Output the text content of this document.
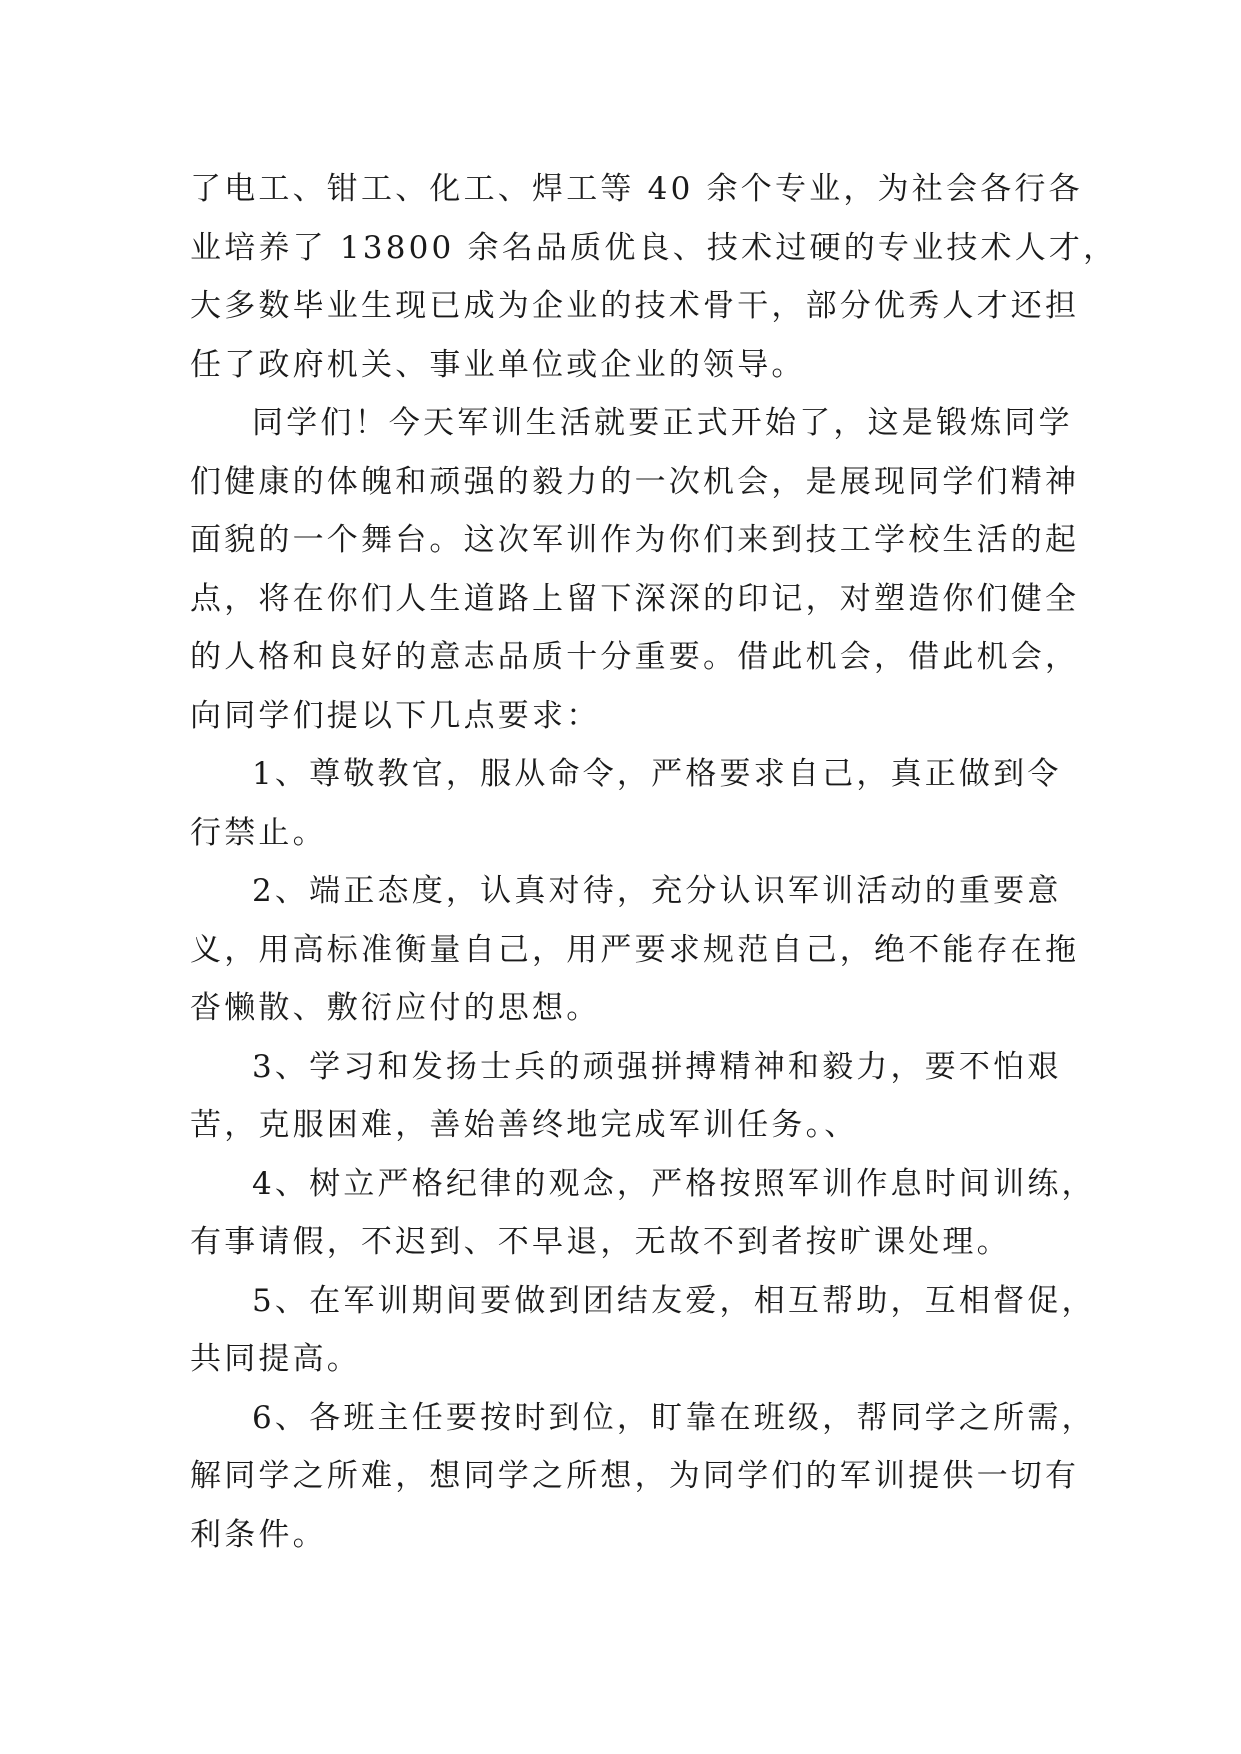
了电工、钳工、化工、焊工等 40 余个专业，为社会各行各
业培养了 13800 余名品质优良、技术过硬的专业技术人才，
大多数毕业生现已成为企业的技术骨干，部分优秀人才还担
任了政府机关、事业单位或企业的领导。
同学们！今天军训生活就要正式开始了，这是锻炼同学
们健康的体魄和顽强的毅力的一次机会，是展现同学们精神
面貌的一个舞台。这次军训作为你们来到技工学校生活的起
点，将在你们人生道路上留下深深的印记，对塑造你们健全
的人格和良好的意志品质十分重要。借此机会，借此机会，
向同学们提以下几点要求：
1、尊敬教官，服从命令，严格要求自己，真正做到令
行禁止。
2、端正态度，认真对待，充分认识军训活动的重要意
义，用高标准衡量自己，用严要求规范自己，绝不能存在拖
沓懒散、敷衍应付的思想。
3、学习和发扬士兵的顽强拼搏精神和毅力，要不怕艰
苦，克服困难，善始善终地完成军训任务。、
4、树立严格纪律的观念，严格按照军训作息时间训练，
有事请假，不迟到、不早退，无故不到者按旷课处理。
5、在军训期间要做到团结友爱，相互帮助，互相督促，
共同提高。
6、各班主任要按时到位，盯靠在班级，帮同学之所需，
解同学之所难，想同学之所想，为同学们的军训提供一切有
利条件。
